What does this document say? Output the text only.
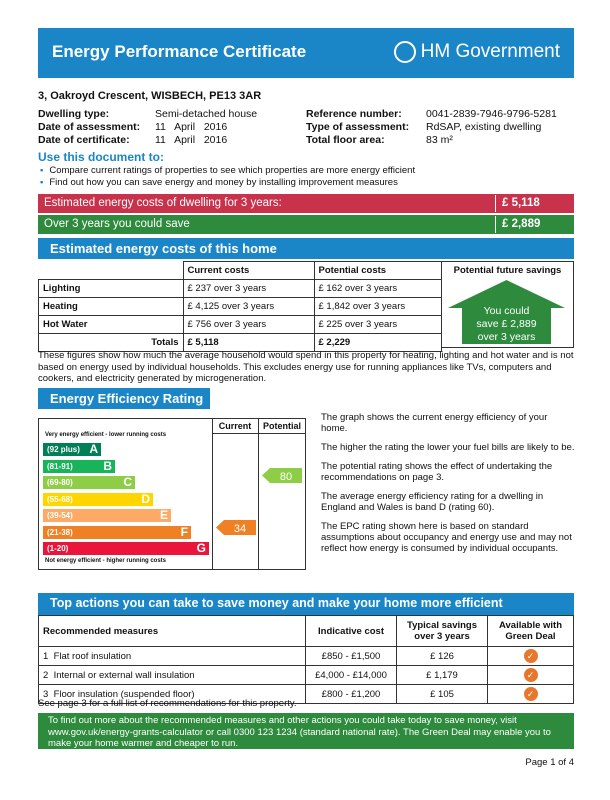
Energy Performance Certificate	HM Government
3, Oakroyd Crescent, WISBECH, PE13 3AR
Dwelling type:	Semi-detached house
Date of assessment: 11   April   2016
Date of certificate: 11   April   2016
Reference number: 0041-2839-7946-9796-5281
Type of assessment: RdSAP, existing dwelling
Total floor area:	83 m²
Use this document to:
• Compare current ratings of properties to see which properties are more energy efficient
• Find out how you can save energy and money by installing improvement measures
Estimated energy costs of dwelling for 3 years:	£ 5,118
Over 3 years you could save	£ 2,889
Estimated energy costs of this home
	Current costs	Potential costs
Lighting	£ 237 over 3 years	£ 162 over 3 years
Heating	£ 4,125 over 3 years	£ 1,842 over 3 years
Hot Water	£ 756 over 3 years	£ 225 over 3 years
Totals	£ 5,118	£ 2,229
Potential future savings
You could
save £ 2,889
over 3 years
These figures show how much the average household would spend in this property for heating, lighting and hot water and is not based on energy used by individual households. This excludes energy use for running appliances like TVs, computers and cookers, and electricity generated by microgeneration.
Energy Efficiency Rating
Current	Potential
Very energy efficient - lower running costs
(92 plus) A
(81-91)	B
(69-80)	C
(55-68)	D
(39-54)	E
(21-38)	F
(1-20)	G
Not energy efficient - higher running costs
34
80

The graph shows the current energy efficiency of your home.

The higher the rating the lower your fuel bills are likely to be.

The potential rating shows the effect of undertaking the recommendations on page 3.

The average energy efficiency rating for a dwelling in England and Wales is band D (rating 60).

The EPC rating shown here is based on standard assumptions about occupancy and energy use and may not reflect how energy is consumed by individual occupants.

Top actions you can take to save money and make your home more efficient
Recommended measures	Indicative cost	Typical savings over 3 years	Available with Green Deal
1 Flat roof insulation	£850 - £1,500	£ 126	✓
2 Internal or external wall insulation	£4,000 - £14,000	£ 1,179	✓
3 Floor insulation (suspended floor)	£800 - £1,200	£ 105	✓
See page 3 for a full list of recommendations for this property.
To find out more about the recommended measures and other actions you could take today to save money, visit www.gov.uk/energy-grants-calculator or call 0300 123 1234 (standard national rate). The Green Deal may enable you to make your home warmer and cheaper to run.
Page 1 of 4
